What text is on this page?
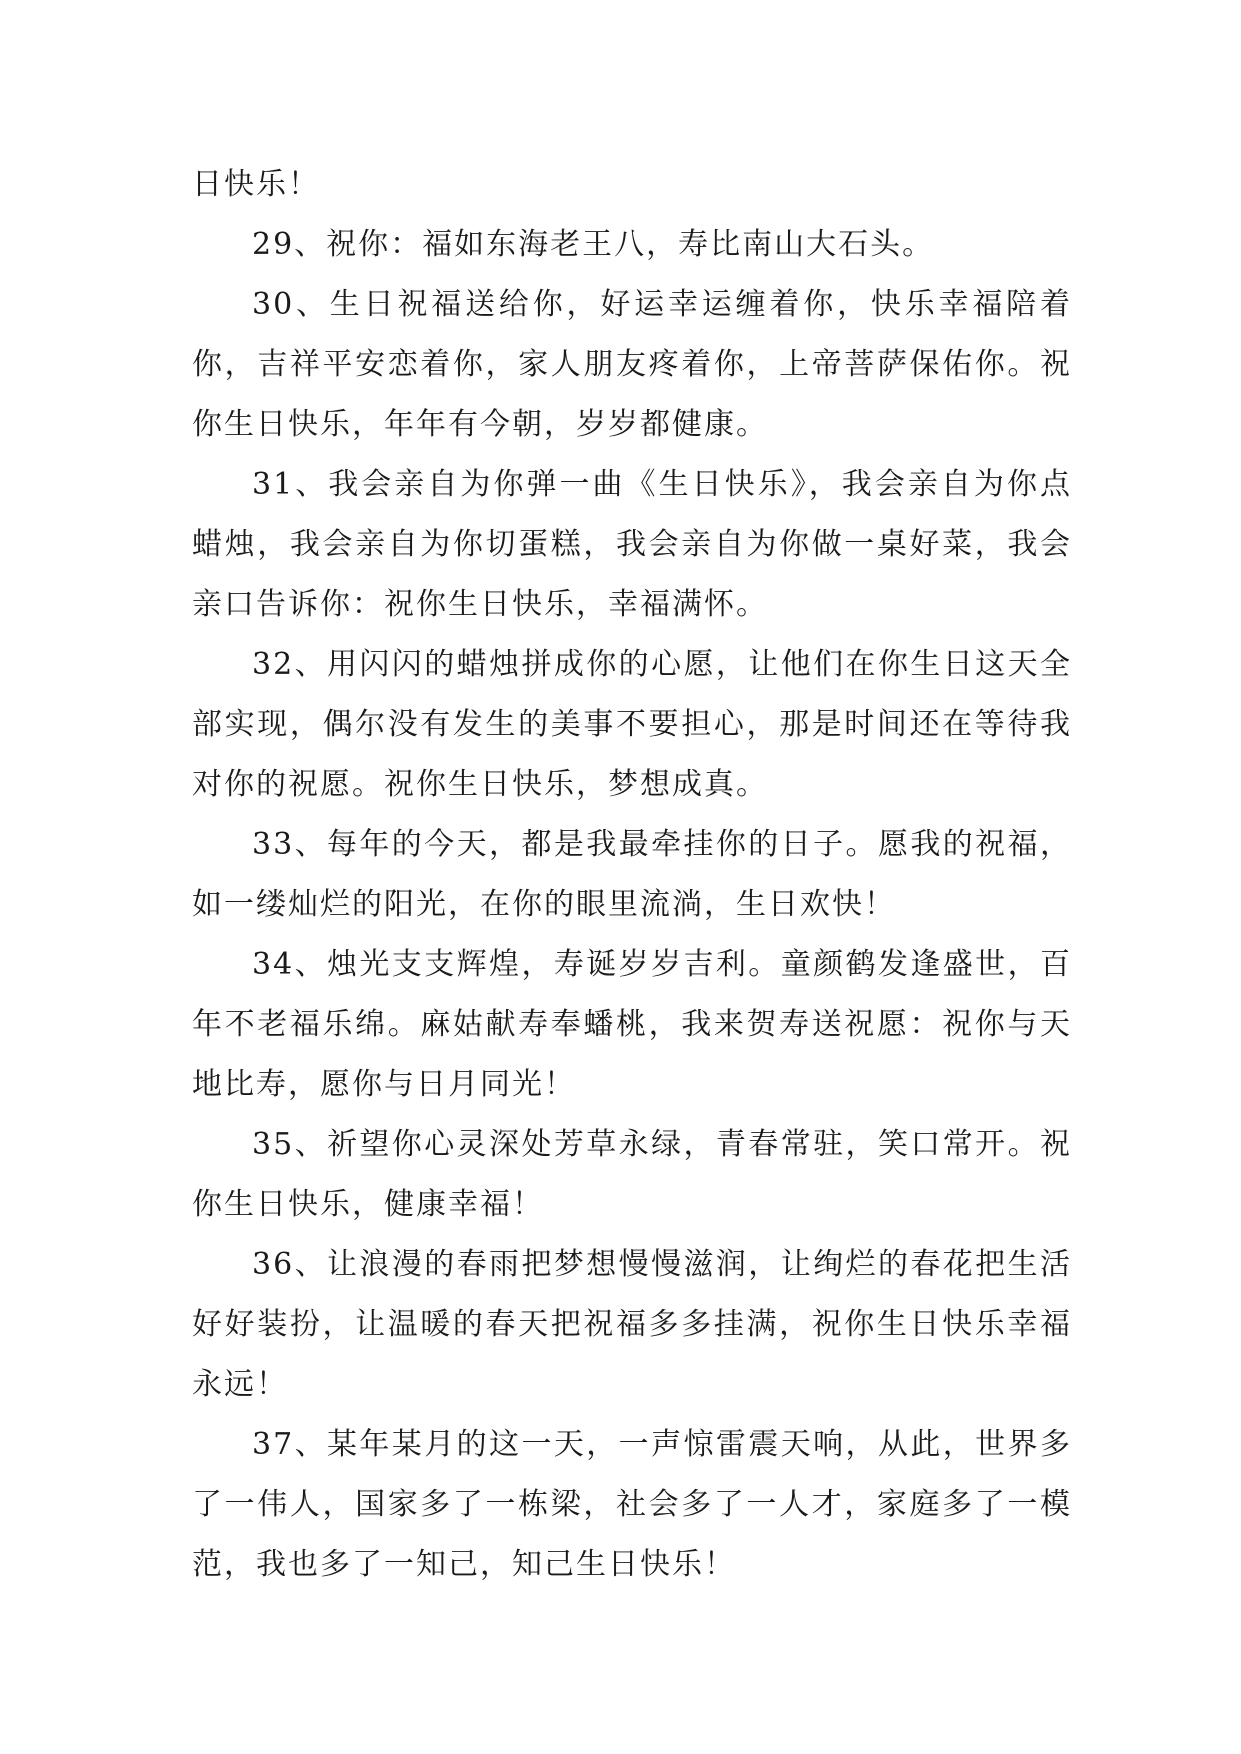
日快乐！

29、祝你：福如东海老王八，寿比南山大石头。

30、生日祝福送给你，好运幸运缠着你，快乐幸福陪着你，吉祥平安恋着你，家人朋友疼着你，上帝菩萨保佑你。祝你生日快乐，年年有今朝，岁岁都健康。

31、我会亲自为你弹一曲《生日快乐》，我会亲自为你点蜡烛，我会亲自为你切蛋糕，我会亲自为你做一桌好菜，我会亲口告诉你：祝你生日快乐，幸福满怀。

32、用闪闪的蜡烛拼成你的心愿，让他们在你生日这天全部实现，偶尔没有发生的美事不要担心，那是时间还在等待我对你的祝愿。祝你生日快乐，梦想成真。

33、每年的今天，都是我最牵挂你的日子。愿我的祝福，如一缕灿烂的阳光，在你的眼里流淌，生日欢快！

34、烛光支支辉煌，寿诞岁岁吉利。童颜鹤发逢盛世，百年不老福乐绵。麻姑献寿奉蟠桃，我来贺寿送祝愿：祝你与天地比寿，愿你与日月同光！

35、祈望你心灵深处芳草永绿，青春常驻，笑口常开。祝你生日快乐，健康幸福！

36、让浪漫的春雨把梦想慢慢滋润，让绚烂的春花把生活好好装扮，让温暖的春天把祝福多多挂满，祝你生日快乐幸福永远！

37、某年某月的这一天，一声惊雷震天响，从此，世界多了一伟人，国家多了一栋梁，社会多了一人才，家庭多了一模范，我也多了一知己，知己生日快乐！
